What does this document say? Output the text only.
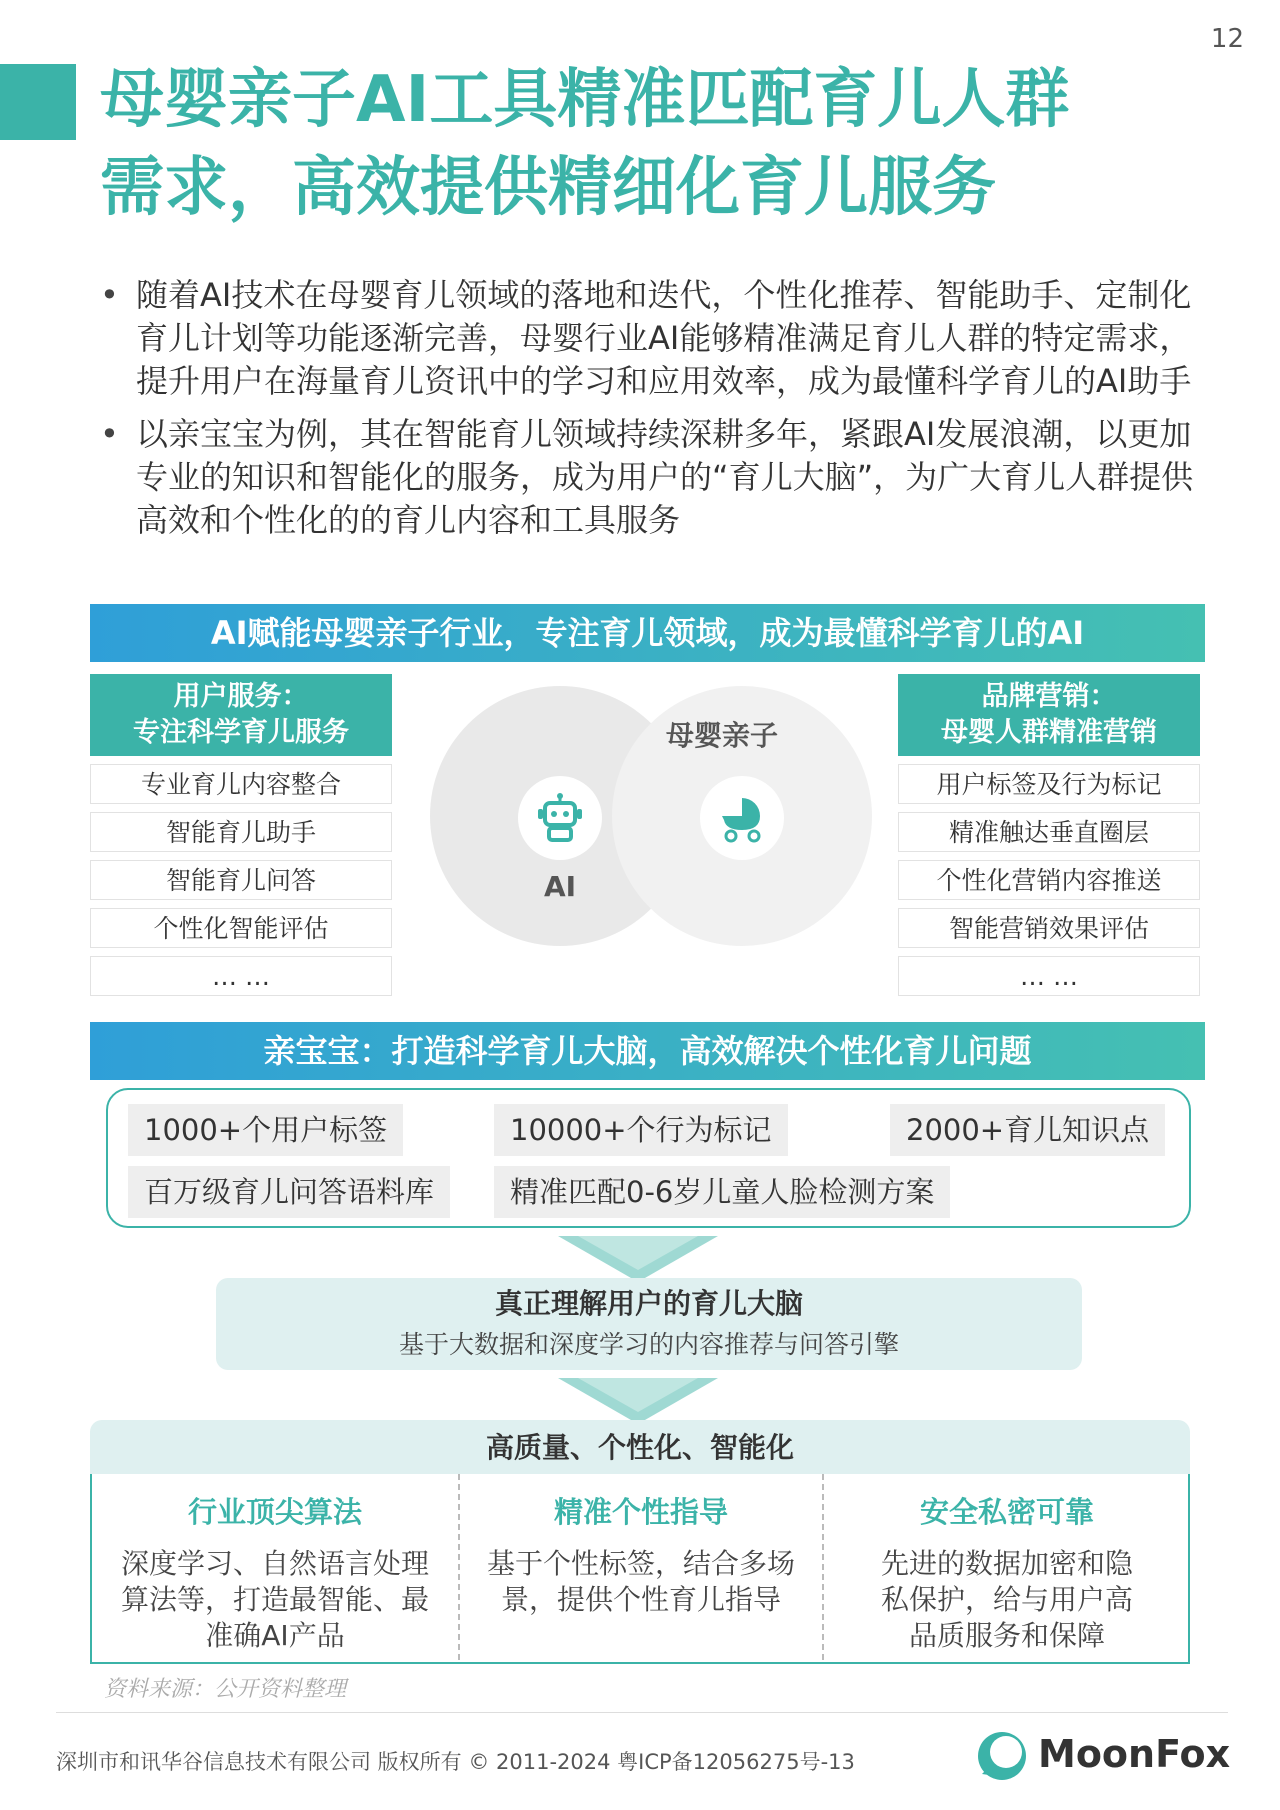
12
母婴亲子AI工具精准匹配育儿人群
需求，高效提供精细化育儿服务
• 随着AI技术在母婴育儿领域的落地和迭代，个性化推荐、智能助手、定制化育儿计划等功能逐渐完善，母婴行业AI能够精准满足育儿人群的特定需求，提升用户在海量育儿资讯中的学习和应用效率，成为最懂科学育儿的AI助手
• 以亲宝宝为例，其在智能育儿领域持续深耕多年，紧跟AI发展浪潮，以更加专业的知识和智能化的服务，成为用户的“育儿大脑”，为广大育儿人群提供高效和个性化的的育儿内容和工具服务
AI赋能母婴亲子行业，专注育儿领域，成为最懂科学育儿的AI
用户服务：
专注科学育儿服务
专业育儿内容整合
智能育儿助手
智能育儿问答
个性化智能评估
… …
AI
母婴亲子
品牌营销：
母婴人群精准营销
用户标签及行为标记
精准触达垂直圈层
个性化营销内容推送
智能营销效果评估
… …
亲宝宝：打造科学育儿大脑，高效解决个性化育儿问题
1000+个用户标签	10000+个行为标记	2000+育儿知识点
百万级育儿问答语料库	精准匹配0-6岁儿童人脸检测方案
真正理解用户的育儿大脑
基于大数据和深度学习的内容推荐与问答引擎
高质量、个性化、智能化
行业顶尖算法
深度学习、自然语言处理
算法等，打造最智能、最
准确AI产品
精准个性指导
基于个性标签，结合多场
景，提供个性育儿指导
安全私密可靠
先进的数据加密和隐
私保护，给与用户高
品质服务和保障
资料来源：公开资料整理
深圳市和讯华谷信息技术有限公司 版权所有 © 2011-2024 粤ICP备12056275号-13	MoonFox
